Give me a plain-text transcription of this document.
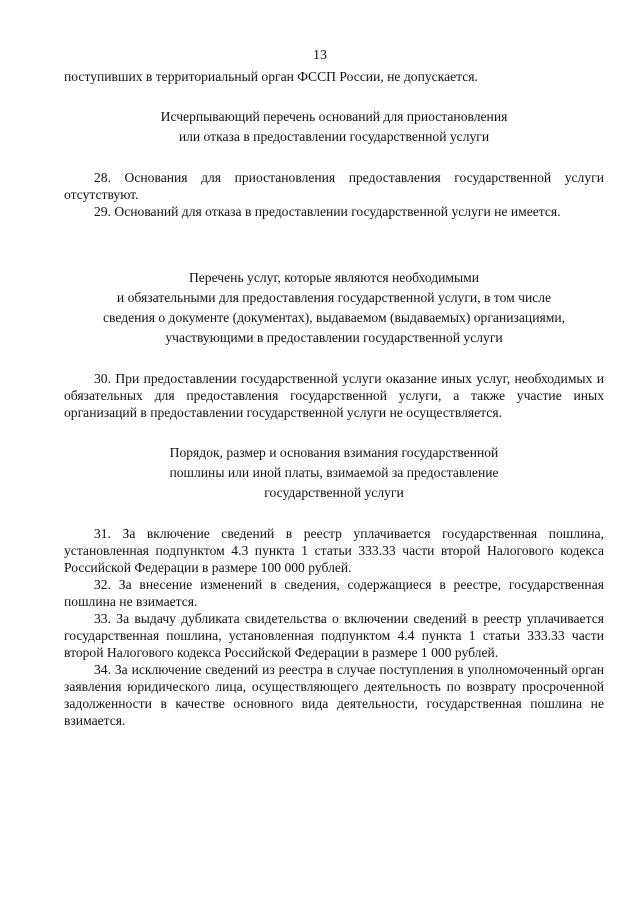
13

поступивших в территориальный орган ФССП России, не допускается.

Исчерпывающий перечень оснований для приостановления
или отказа в предоставлении государственной услуги

28. Основания для приостановления предоставления государственной услуги отсутствуют.

29. Оснований для отказа в предоставлении государственной услуги не имеется.

Перечень услуг, которые являются необходимыми
и обязательными для предоставления государственной услуги, в том числе
сведения о документе (документах), выдаваемом (выдаваемых) организациями,
участвующими в предоставлении государственной услуги

30. При предоставлении государственной услуги оказание иных услуг, необходимых и обязательных для предоставления государственной услуги, а также участие иных организаций в предоставлении государственной услуги не осуществляется.

Порядок, размер и основания взимания государственной
пошлины или иной платы, взимаемой за предоставление
государственной услуги

31. За включение сведений в реестр уплачивается государственная пошлина, установленная подпунктом 4.3 пункта 1 статьи 333.33 части второй Налогового кодекса Российской Федерации в размере 100 000 рублей.

32. За внесение изменений в сведения, содержащиеся в реестре, государственная пошлина не взимается.

33. За выдачу дубликата свидетельства о включении сведений в реестр уплачивается государственная пошлина, установленная подпунктом 4.4 пункта 1 статьи 333.33 части второй Налогового кодекса Российской Федерации в размере 1 000 рублей.

34. За исключение сведений из реестра в случае поступления в уполномоченный орган заявления юридического лица, осуществляющего деятельность по возврату просроченной задолженности в качестве основного вида деятельности, государственная пошлина не взимается.
